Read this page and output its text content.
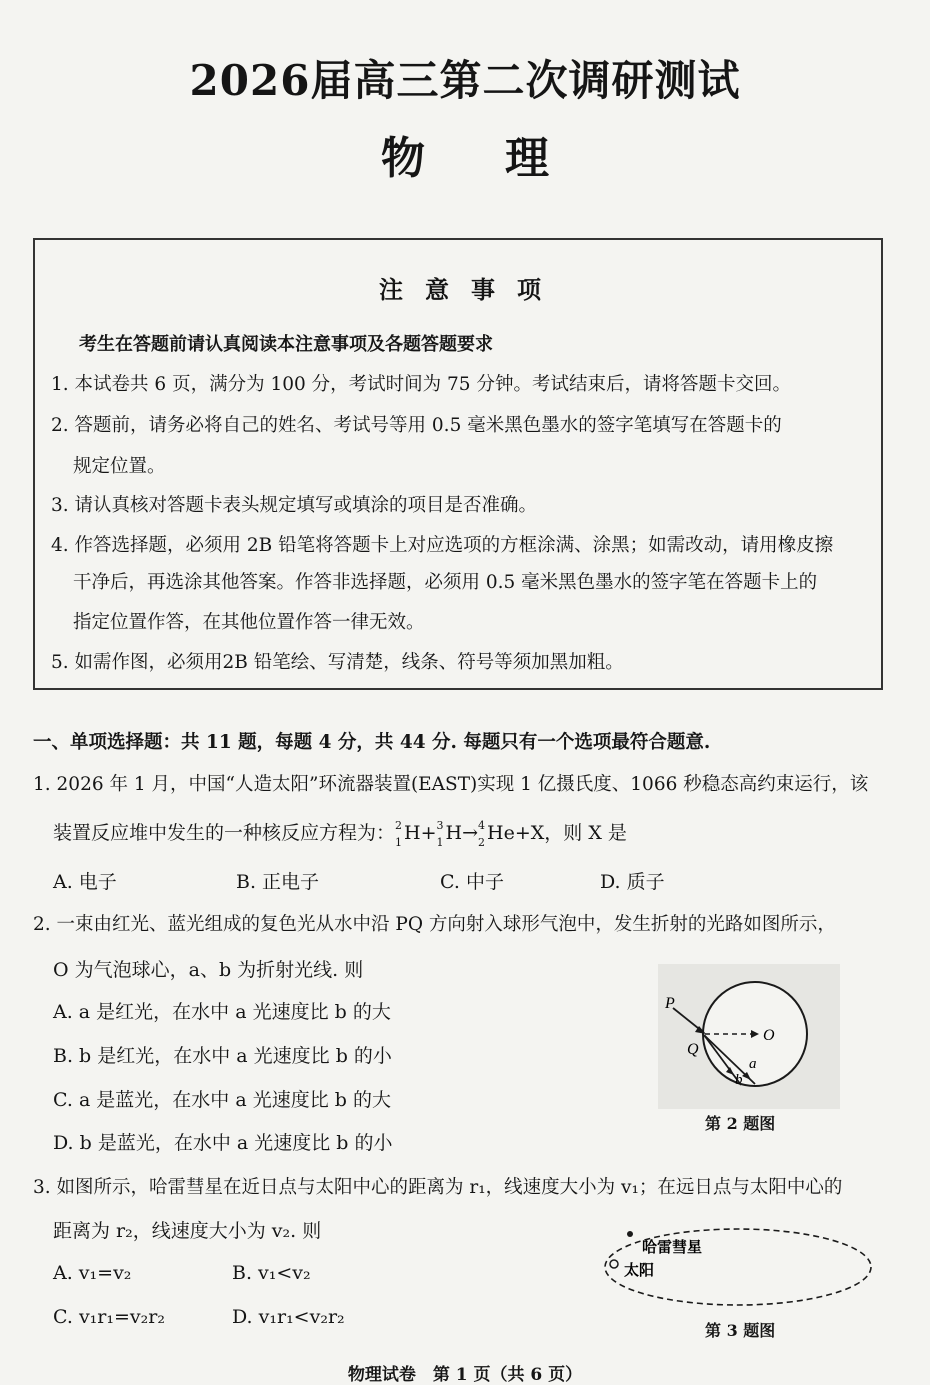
2026届高三第二次调研测试
物理
注意事项
考生在答题前请认真阅读本注意事项及各题答题要求
1. 本试卷共 6 页，满分为 100 分，考试时间为 75 分钟。考试结束后，请将答题卡交回。
2. 答题前，请务必将自己的姓名、考试号等用 0.5 毫米黑色墨水的签字笔填写在答题卡的
规定位置。
3. 请认真核对答题卡表头规定填写或填涂的项目是否准确。
4. 作答选择题，必须用 2B 铅笔将答题卡上对应选项的方框涂满、涂黑；如需改动，请用橡皮擦
干净后，再选涂其他答案。作答非选择题，必须用 0.5 毫米黑色墨水的签字笔在答题卡上的
指定位置作答，在其他位置作答一律无效。
5. 如需作图，必须用2B 铅笔绘、写清楚，线条、符号等须加黑加粗。
一、单项选择题：共 11 题，每题 4 分，共 44 分. 每题只有一个选项最符合题意.
1. 2026 年 1 月，中国“人造太阳”环流器装置(EAST)实现 1 亿摄氏度、1066 秒稳态高约束运行，该
装置反应堆中发生的一种核反应方程为： 2
1 H+ 3
1 H→ 4
2 He+X，则 X 是
A. 电子	B. 正电子	C. 中子	D. 质子
2. 一束由红光、蓝光组成的复色光从水中沿 PQ 方向射入球形气泡中，发生折射的光路如图所示，
O 为气泡球心，a、b 为折射光线. 则
A. a 是红光，在水中 a 光速度比 b 的大
B. b 是红光，在水中 a 光速度比 b 的小
C. a 是蓝光，在水中 a 光速度比 b 的大
D. b 是蓝光，在水中 a 光速度比 b 的小
P
Q
O
a
b
第 2 题图
3. 如图所示，哈雷彗星在近日点与太阳中心的距离为 r₁，线速度大小为 v₁；在远日点与太阳中心的
距离为 r₂，线速度大小为 v₂. 则
A. v₁=v₂	B. v₁<v₂
C. v₁r₁=v₂r₂	D. v₁r₁<v₂r₂
哈雷彗星
太阳
第 3 题图
物理试卷　第 1 页（共 6 页）
